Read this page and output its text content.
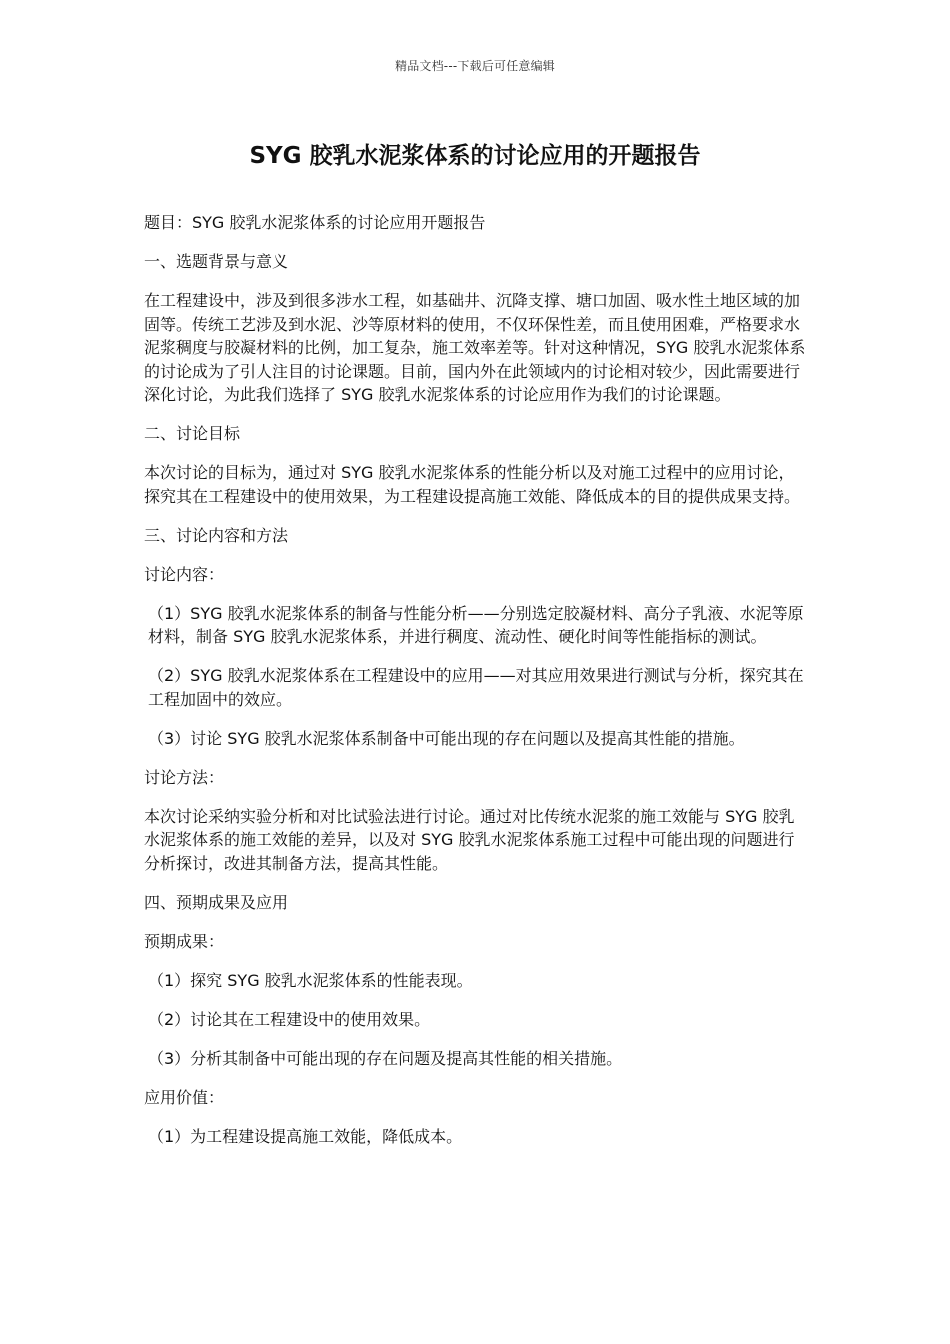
精品文档---下载后可任意编辑
SYG 胶乳水泥浆体系的讨论应用的开题报告

题目：SYG 胶乳水泥浆体系的讨论应用开题报告

一、选题背景与意义

在工程建设中，涉及到很多涉水工程，如基础井、沉降支撑、塘口加固、吸水性土地区域的加固等。传统工艺涉及到水泥、沙等原材料的使用，不仅环保性差，而且使用困难，严格要求水泥浆稠度与胶凝材料的比例，加工复杂，施工效率差等。针对这种情况，SYG 胶乳水泥浆体系的讨论成为了引人注目的讨论课题。目前，国内外在此领域内的讨论相对较少，因此需要进行深化讨论，为此我们选择了 SYG 胶乳水泥浆体系的讨论应用作为我们的讨论课题。

二、讨论目标

本次讨论的目标为，通过对 SYG 胶乳水泥浆体系的性能分析以及对施工过程中的应用讨论，探究其在工程建设中的使用效果，为工程建设提高施工效能、降低成本的目的提供成果支持。

三、讨论内容和方法

讨论内容：

（1）SYG 胶乳水泥浆体系的制备与性能分析——分别选定胶凝材料、高分子乳液、水泥等原材料，制备 SYG 胶乳水泥浆体系，并进行稠度、流动性、硬化时间等性能指标的测试。

（2）SYG 胶乳水泥浆体系在工程建设中的应用——对其应用效果进行测试与分析，探究其在工程加固中的效应。

（3）讨论 SYG 胶乳水泥浆体系制备中可能出现的存在问题以及提高其性能的措施。

讨论方法：

本次讨论采纳实验分析和对比试验法进行讨论。通过对比传统水泥浆的施工效能与 SYG 胶乳水泥浆体系的施工效能的差异，以及对 SYG 胶乳水泥浆体系施工过程中可能出现的问题进行分析探讨，改进其制备方法，提高其性能。

四、预期成果及应用

预期成果：

（1）探究 SYG 胶乳水泥浆体系的性能表现。

（2）讨论其在工程建设中的使用效果。

（3）分析其制备中可能出现的存在问题及提高其性能的相关措施。

应用价值：

（1）为工程建设提高施工效能，降低成本。
